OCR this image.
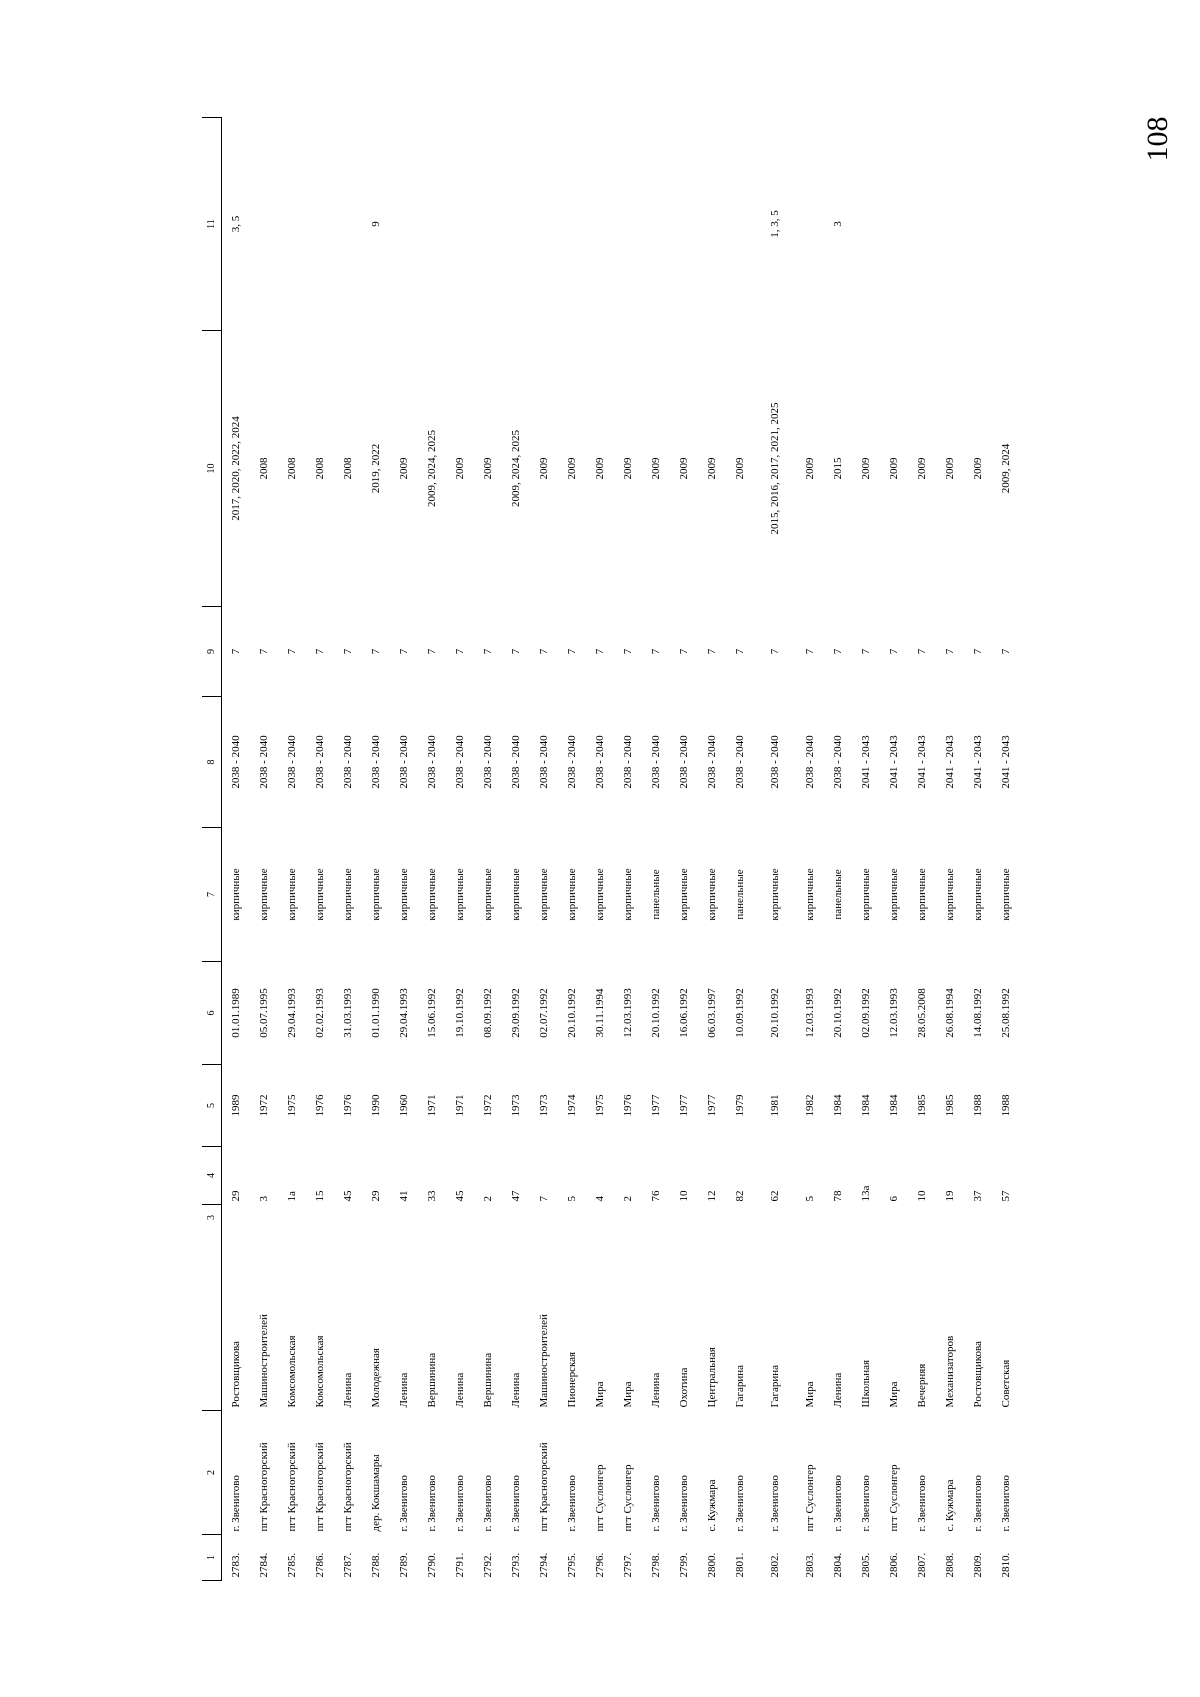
108
1	2	3	4	5	6	7	8	9	10	11
2783.	г. Звенигово	Ростовщикова	29	1989	01.01.1989	кирпичные	2038 - 2040	7	2017, 2020, 2022, 2024	3, 5
2784.	пгт Красногорский	Машиностроителей	3	1972	05.07.1995	кирпичные	2038 - 2040	7	2008	
2785.	пгт Красногорский	Комсомольская	1а	1975	29.04.1993	кирпичные	2038 - 2040	7	2008	
2786.	пгт Красногорский	Комсомольская	15	1976	02.02.1993	кирпичные	2038 - 2040	7	2008	
2787.	пгт Красногорский	Ленина	45	1976	31.03.1993	кирпичные	2038 - 2040	7	2008	
2788.	дер. Кокшамары	Молодежная	29	1990	01.01.1990	кирпичные	2038 - 2040	7	2019, 2022	9
2789.	г. Звенигово	Ленина	41	1960	29.04.1993	кирпичные	2038 - 2040	7	2009	
2790.	г. Звенигово	Вершинина	33	1971	15.06.1992	кирпичные	2038 - 2040	7	2009, 2024, 2025	
2791.	г. Звенигово	Ленина	45	1971	19.10.1992	кирпичные	2038 - 2040	7	2009	
2792.	г. Звенигово	Вершинина	2	1972	08.09.1992	кирпичные	2038 - 2040	7	2009	
2793.	г. Звенигово	Ленина	47	1973	29.09.1992	кирпичные	2038 - 2040	7	2009, 2024, 2025	
2794.	пгт Красногорский	Машиностроителей	7	1973	02.07.1992	кирпичные	2038 - 2040	7	2009	
2795.	г. Звенигово	Пионерская	5	1974	20.10.1992	кирпичные	2038 - 2040	7	2009	
2796.	пгт Суслонгер	Мира	4	1975	30.11.1994	кирпичные	2038 - 2040	7	2009	
2797.	пгт Суслонгер	Мира	2	1976	12.03.1993	кирпичные	2038 - 2040	7	2009	
2798.	г. Звенигово	Ленина	76	1977	20.10.1992	панельные	2038 - 2040	7	2009	
2799.	г. Звенигово	Охотина	10	1977	16.06.1992	кирпичные	2038 - 2040	7	2009	
2800.	с. Кужмара	Центральная	12	1977	06.03.1997	кирпичные	2038 - 2040	7	2009	
2801.	г. Звенигово	Гагарина	82	1979	10.09.1992	панельные	2038 - 2040	7	2009	
2802.	г. Звенигово	Гагарина	62	1981	20.10.1992	кирпичные	2038 - 2040	7	2015, 2016, 2017, 2021, 2025	1, 3, 5
2803.	пгт Суслонгер	Мира	5	1982	12.03.1993	кирпичные	2038 - 2040	7	2009	
2804.	г. Звенигово	Ленина	78	1984	20.10.1992	панельные	2038 - 2040	7	2015	3
2805.	г. Звенигово	Школьная	13а	1984	02.09.1992	кирпичные	2041 - 2043	7	2009	
2806.	пгт Суслонгер	Мира	6	1984	12.03.1993	кирпичные	2041 - 2043	7	2009	
2807.	г. Звенигово	Вечерняя	10	1985	28.05.2008	кирпичные	2041 - 2043	7	2009	
2808.	с. Кужмара	Механизаторов	19	1985	26.08.1994	кирпичные	2041 - 2043	7	2009	
2809.	г. Звенигово	Ростовщикова	37	1988	14.08.1992	кирпичные	2041 - 2043	7	2009	
2810.	г. Звенигово	Советская	57	1988	25.08.1992	кирпичные	2041 - 2043	7	2009, 2024	
